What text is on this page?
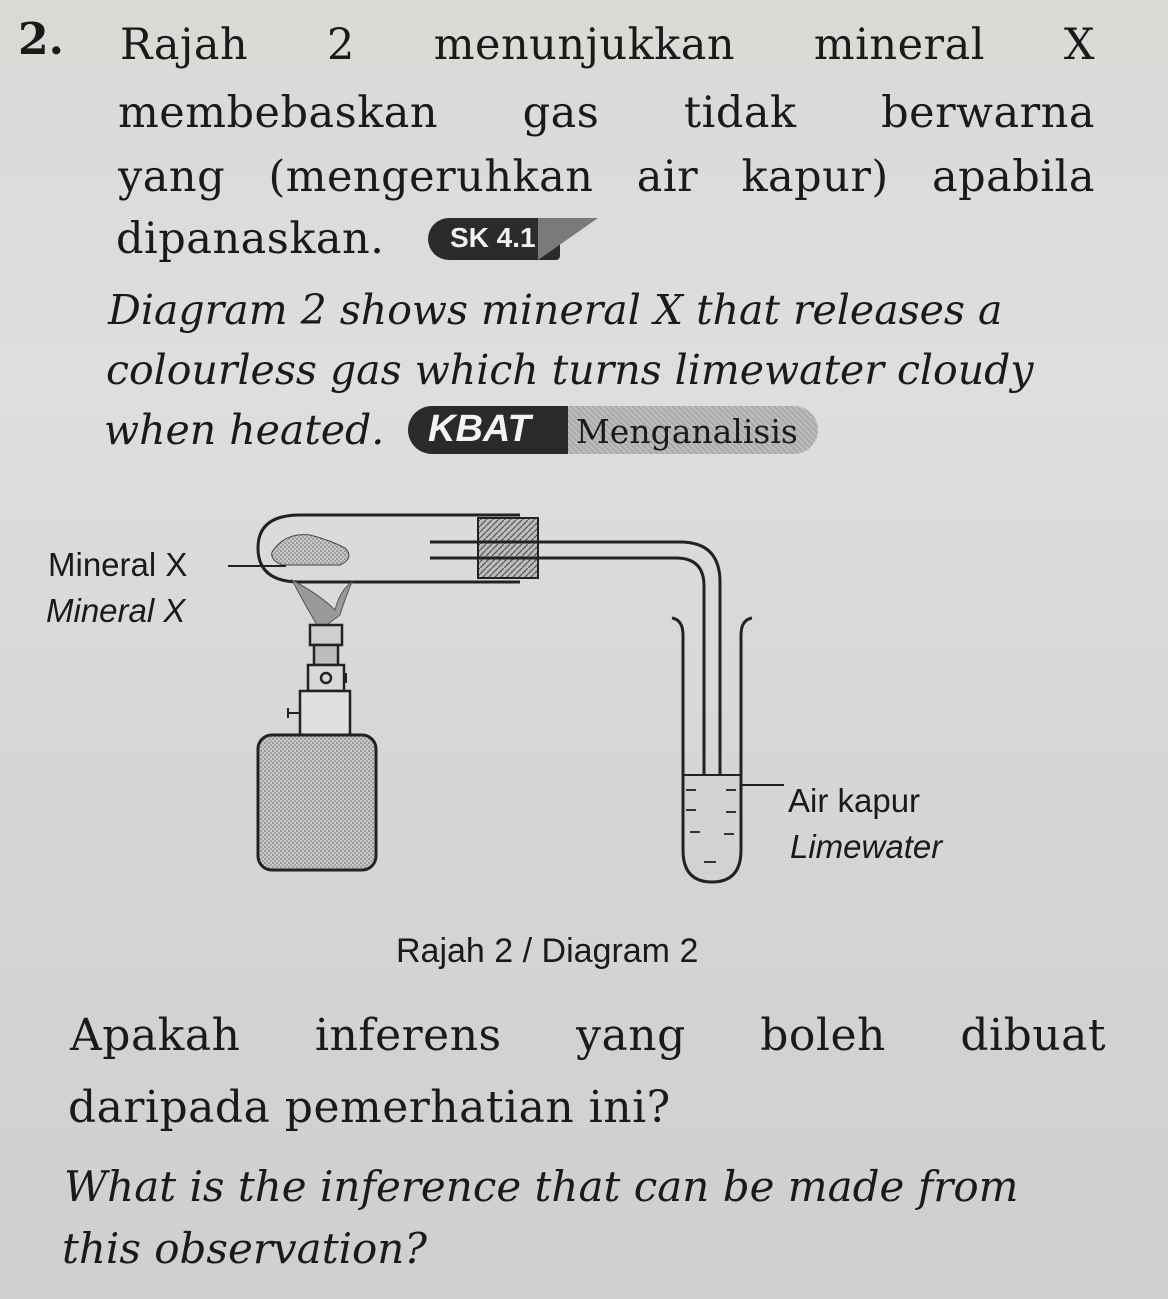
2. Rajah 2 menunjukkan mineral X
membebaskan gas tidak berwarna
yang (mengeruhkan air kapur) apabila
dipanaskan. SK 4.1
Diagram 2 shows mineral X that releases a
colourless gas which turns limewater cloudy
when heated. KBAT Menganalisis
Mineral X
Mineral X
Air kapur
Limewater
Rajah 2 / Diagram 2
Apakah inferens yang boleh dibuat
daripada pemerhatian ini?
What is the inference that can be made from
this observation?
